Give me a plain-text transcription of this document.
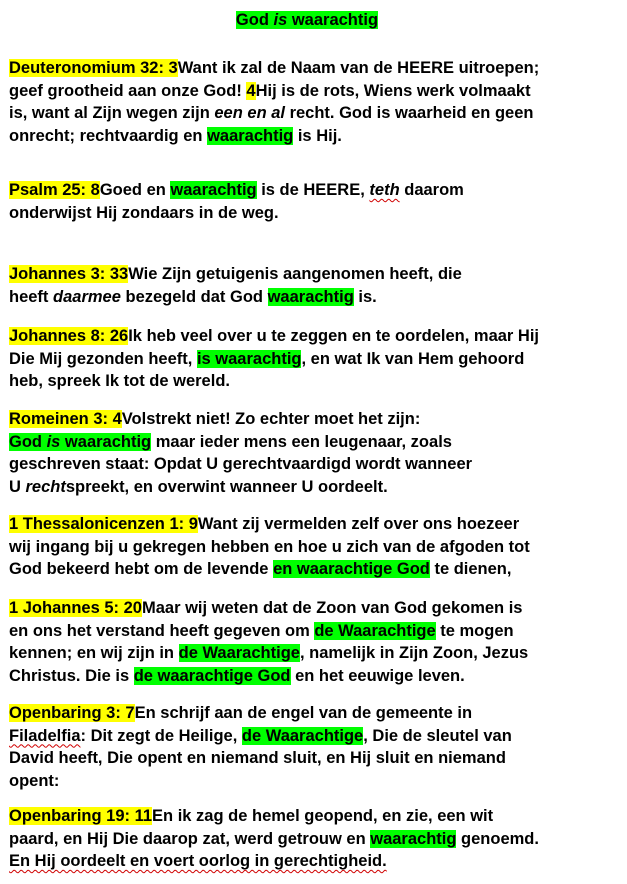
God is waarachtig
Deuteronomium 32: 3Want ik zal de Naam van de HEERE uitroepen;
geef grootheid aan onze God! 4Hij is de rots, Wiens werk volmaakt
is, want al Zijn wegen zijn een en al recht. God is waarheid en geen
onrecht; rechtvaardig en waarachtig is Hij.
Psalm 25: 8Goed en waarachtig is de HEERE, teth daarom
onderwijst Hij zondaars in de weg.
Johannes 3: 33Wie Zijn getuigenis aangenomen heeft, die
heeft daarmee bezegeld dat God waarachtig is.
Johannes 8: 26Ik heb veel over u te zeggen en te oordelen, maar Hij
Die Mij gezonden heeft, is waarachtig, en wat Ik van Hem gehoord
heb, spreek Ik tot de wereld.
Romeinen 3: 4Volstrekt niet! Zo echter moet het zijn:
God is waarachtig maar ieder mens een leugenaar, zoals
geschreven staat: Opdat U gerechtvaardigd wordt wanneer
U rechtspreekt, en overwint wanneer U oordeelt.
1 Thessalonicenzen 1: 9Want zij vermelden zelf over ons hoezeer
wij ingang bij u gekregen hebben en hoe u zich van de afgoden tot
God bekeerd hebt om de levende en waarachtige God te dienen,
1 Johannes 5: 20Maar wij weten dat de Zoon van God gekomen is
en ons het verstand heeft gegeven om de Waarachtige te mogen
kennen; en wij zijn in de Waarachtige, namelijk in Zijn Zoon, Jezus
Christus. Die is de waarachtige God en het eeuwige leven.
Openbaring 3: 7En schrijf aan de engel van de gemeente in
Filadelfia: Dit zegt de Heilige, de Waarachtige, Die de sleutel van
David heeft, Die opent en niemand sluit, en Hij sluit en niemand
opent:
Openbaring 19: 11En ik zag de hemel geopend, en zie, een wit
paard, en Hij Die daarop zat, werd getrouw en waarachtig genoemd.
En Hij oordeelt en voert oorlog in gerechtigheid.
